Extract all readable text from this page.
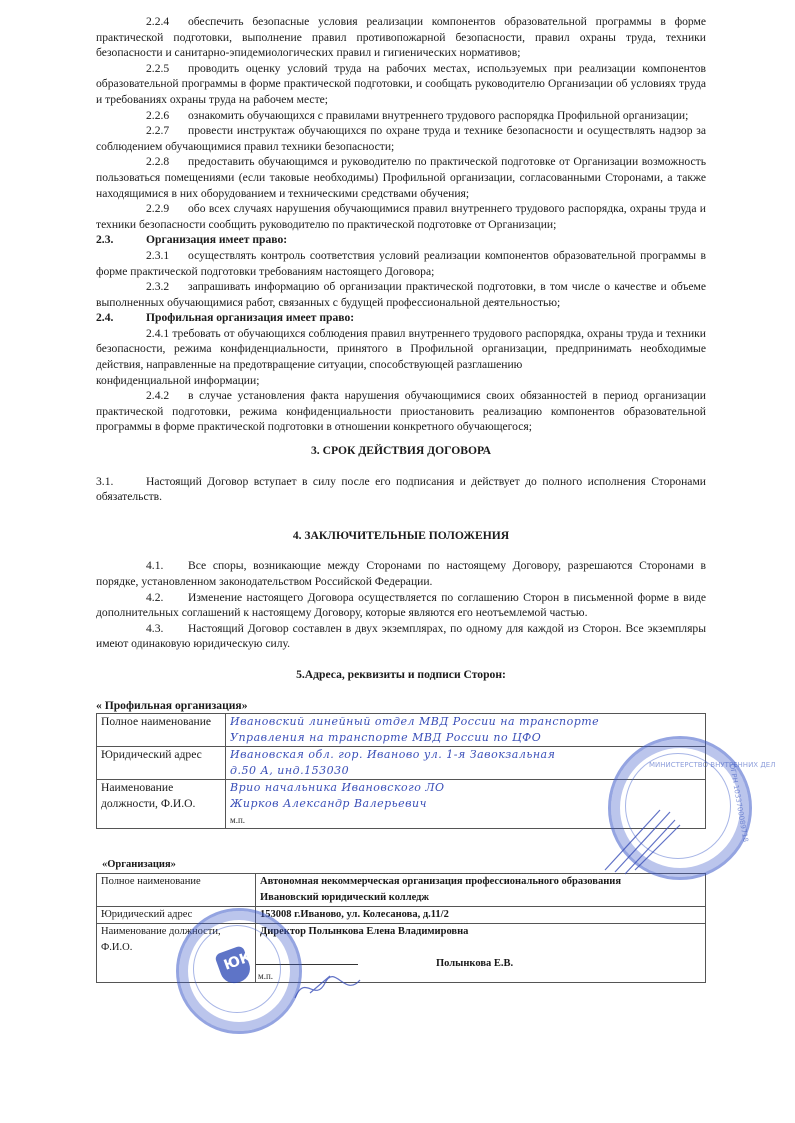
2.2.4 обеспечить безопасные условия реализации компонентов образовательной программы в форме практической подготовки, выполнение правил противопожарной безопасности, правил охраны труда, техники безопасности и санитарно-эпидемиологических правил и гигиенических нормативов;

2.2.5 проводить оценку условий труда на рабочих местах, используемых при реализации компонентов образовательной программы в форме практической подготовки, и сообщать руководителю Организации об условиях труда и требованиях охраны труда на рабочем месте;

2.2.6 ознакомить обучающихся с правилами внутреннего трудового распорядка Профильной организации;

2.2.7 провести инструктаж обучающихся по охране труда и технике безопасности и осуществлять надзор за соблюдением обучающимися правил техники безопасности;

2.2.8 предоставить обучающимся и руководителю по практической подготовке от Организации возможность пользоваться помещениями (если таковые необходимы) Профильной организации, согласованными Сторонами, а также находящимися в них оборудованием и техническими средствами обучения;

2.2.9 обо всех случаях нарушения обучающимися правил внутреннего трудового распорядка, охраны труда и техники безопасности сообщить руководителю по практической подготовке от Организации;

2.3.	Организация имеет право:

2.3.1 осуществлять контроль соответствия условий реализации компонентов образовательной программы в форме практической подготовки требованиям настоящего Договора;

2.3.2 запрашивать информацию об организации практической подготовки, в том числе о качестве и объеме выполненных обучающимися работ, связанных с будущей профессиональной деятельностью;

2.4.	Профильная организация имеет право:

2.4.1 требовать от обучающихся соблюдения правил внутреннего трудового распорядка, охраны труда и техники безопасности, режима конфиденциальности, принятого в Профильной организации, предпринимать необходимые действия, направленные на предотвращение ситуации, способствующей разглашению

конфиденциальной информации;

2.4.2 в случае установления факта нарушения обучающимися своих обязанностей в период организации практической подготовки, режима конфиденциальности приостановить реализацию компонентов образовательной программы в форме практической подготовки в отношении конкретного обучающегося;

3. СРОК ДЕЙСТВИЯ ДОГОВОРА

3.1.	Настоящий Договор вступает в силу после его подписания и действует до полного исполнения Сторонами обязательств.

4. ЗАКЛЮЧИТЕЛЬНЫЕ ПОЛОЖЕНИЯ

4.1. Все споры, возникающие между Сторонами по настоящему Договору, разрешаются Сторонами в порядке, установленном законодательством Российской Федерации.

4.2. Изменение настоящего Договора осуществляется по соглашению Сторон в письменной форме в виде дополнительных соглашений к настоящему Договору, которые являются его неотъемлемой частью.

4.3. Настоящий Договор составлен в двух экземплярах, по одному для каждой из Сторон. Все экземпляры имеют одинаковую юридическую силу.

5.Адреса, реквизиты и подписи Сторон:

« Профильная организация»
Полное наименование	Ивановский линейный отдел МВД России на транспорте
Управления на транспорте МВД России по ЦФО

Юридический адрес	Ивановская обл. гор. Иваново ул. 1-я Завокзальная
д.50 А, инд.153030

Наименование должности, Ф.И.О.	Врио начальника Ивановского ЛО
Жирков Александр Валерьевич
м.п.
«Организация»
Полное наименование	Автономная некоммерческая организация профессионального образования
Ивановский юридический колледж

Юридический адрес	153008 г.Иваново, ул. Колесанова, д.11/2
Наименование должности, Ф.И.О.	Директор Полынкова Елена Владимировна
Полынкова Е.В.
м.п.
МИНИСТЕРСТВО ВНУТРЕННИХ ДЕЛ
ОГРН 1033700089718
ЮК
